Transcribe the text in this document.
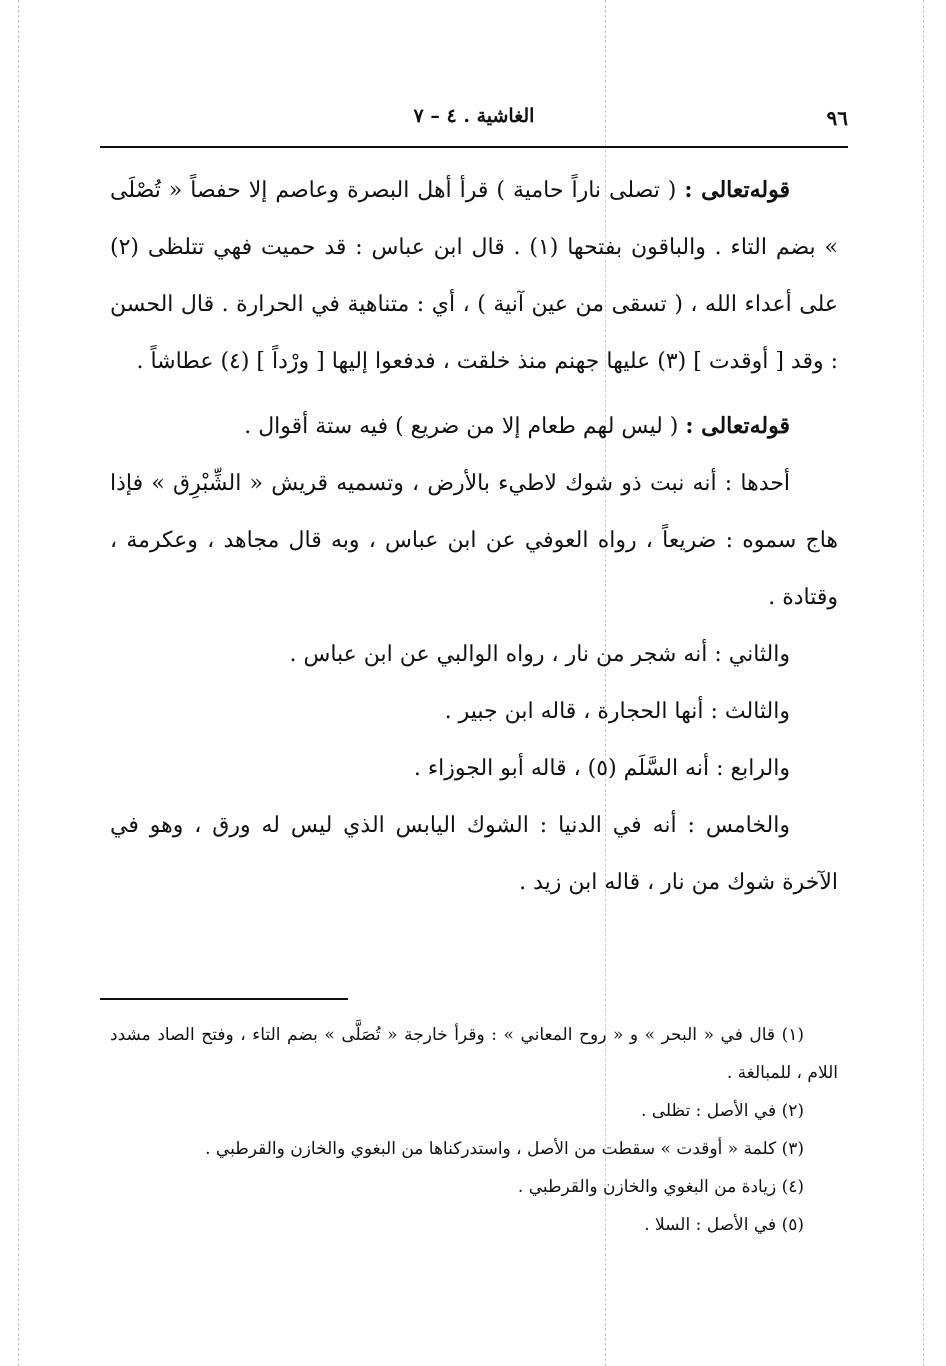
٩٦
الغاشية . ٤ – ٧

قوله‌تعالى : ( تصلى ناراً حامية ) قرأ أهل البصرة وعاصم إلا حفصاً « تُصْلَى » بضم التاء . والباقون بفتحها (١) . قال ابن عباس : قد حميت فهي تتلظى (٢) على أعداء الله ، ( تسقى من عين آنية ) ، أي : متناهية في الحرارة . قال الحسن : وقد [ أوقدت ] (٣) عليها جهنم منذ خلقت ، فدفعوا إليها [ ورْداً ] (٤) عطاشاً .

قوله‌تعالى : ( ليس لهم طعام إلا من ضريع ) فيه ستة أقوال .

أحدها : أنه نبت ذو شوك لاطيء بالأرض ، وتسميه قريش « الشِّبْرِق » فإذا هاج سموه : ضريعاً ، رواه العوفي عن ابن عباس ، وبه قال مجاهد ، وعكرمة ، وقتادة .

والثاني : أنه شجر من نار ، رواه الوالبي عن ابن عباس .

والثالث : أنها الحجارة ، قاله ابن جبير .

والرابع : أنه السَّلَم (٥) ، قاله أبو الجوزاء .

والخامس : أنه في الدنيا : الشوك اليابس الذي ليس له ورق ، وهو في الآخرة شوك من نار ، قاله ابن زيد .

(١) قال في « البحر » و « روح المعاني » : وقرأ خارجة « تُصَلَّى » بضم التاء ، وفتح الصاد مشدد اللام ، للمبالغة .

(٢) في الأصل : تظلى .

(٣) كلمة « أوقدت » سقطت من الأصل ، واستدركناها من البغوي والخازن والقرطبي .

(٤) زيادة من البغوي والخازن والقرطبي .

(٥) في الأصل : السلا .
